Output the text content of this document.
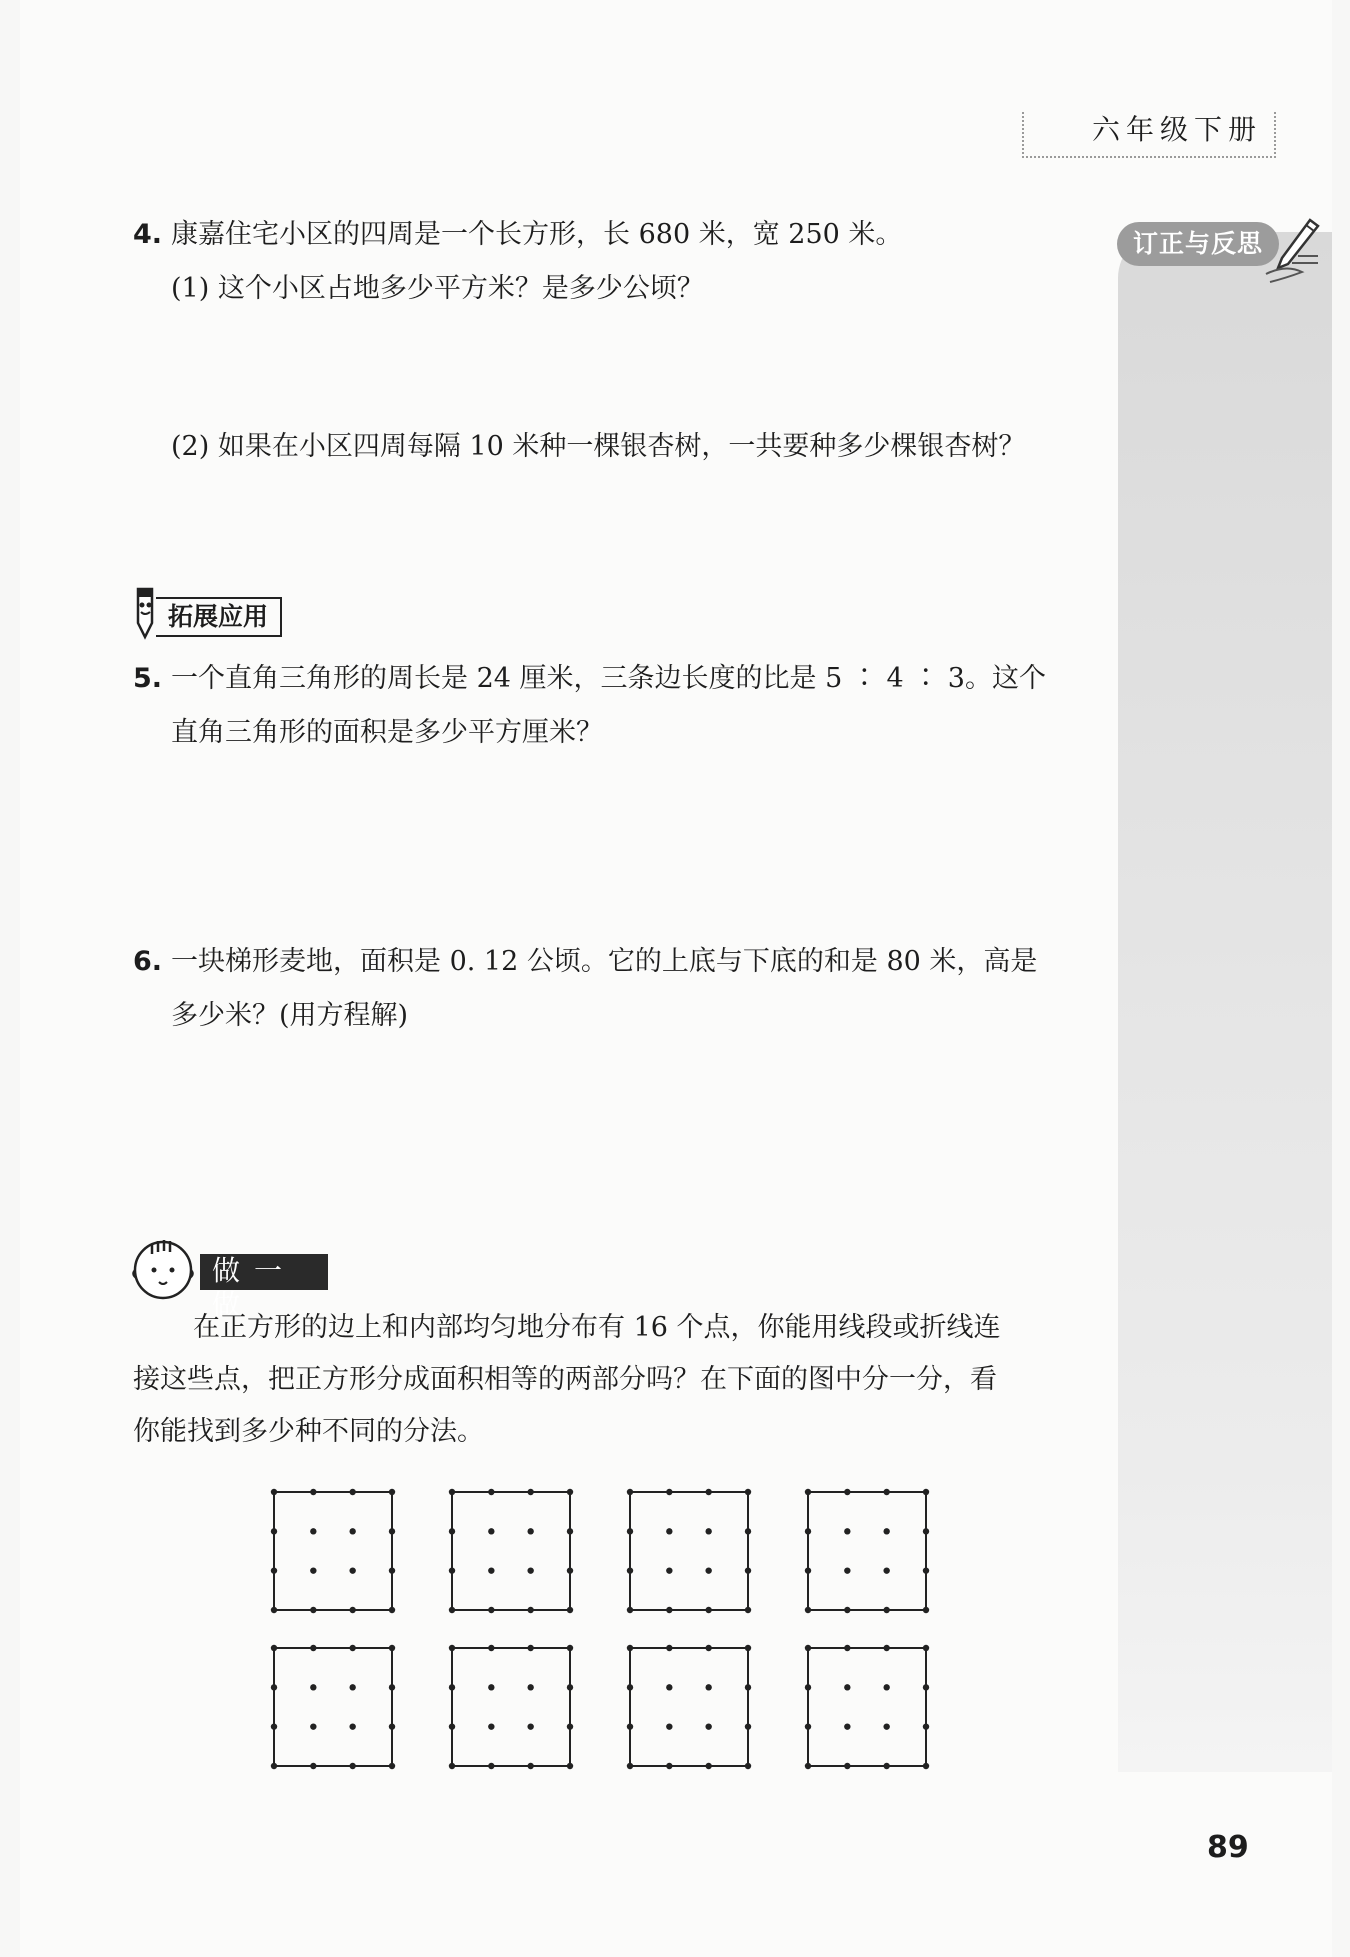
六年级下册
订正与反思
4. 康嘉住宅小区的四周是一个长方形，长 680 米，宽 250 米。
(1) 这个小区占地多少平方米？是多少公顷？
(2) 如果在小区四周每隔 10 米种一棵银杏树，一共要种多少棵银杏树？
拓展应用
5. 一个直角三角形的周长是 24 厘米，三条边长度的比是 5 ∶ 4 ∶ 3。这个
直角三角形的面积是多少平方厘米？
6. 一块梯形麦地，面积是 0. 12 公顷。它的上底与下底的和是 80 米，高是
多少米？(用方程解)
做一做
在正方形的边上和内部均匀地分布有 16 个点，你能用线段或折线连
接这些点，把正方形分成面积相等的两部分吗？在下面的图中分一分，看
你能找到多少种不同的分法。
89
